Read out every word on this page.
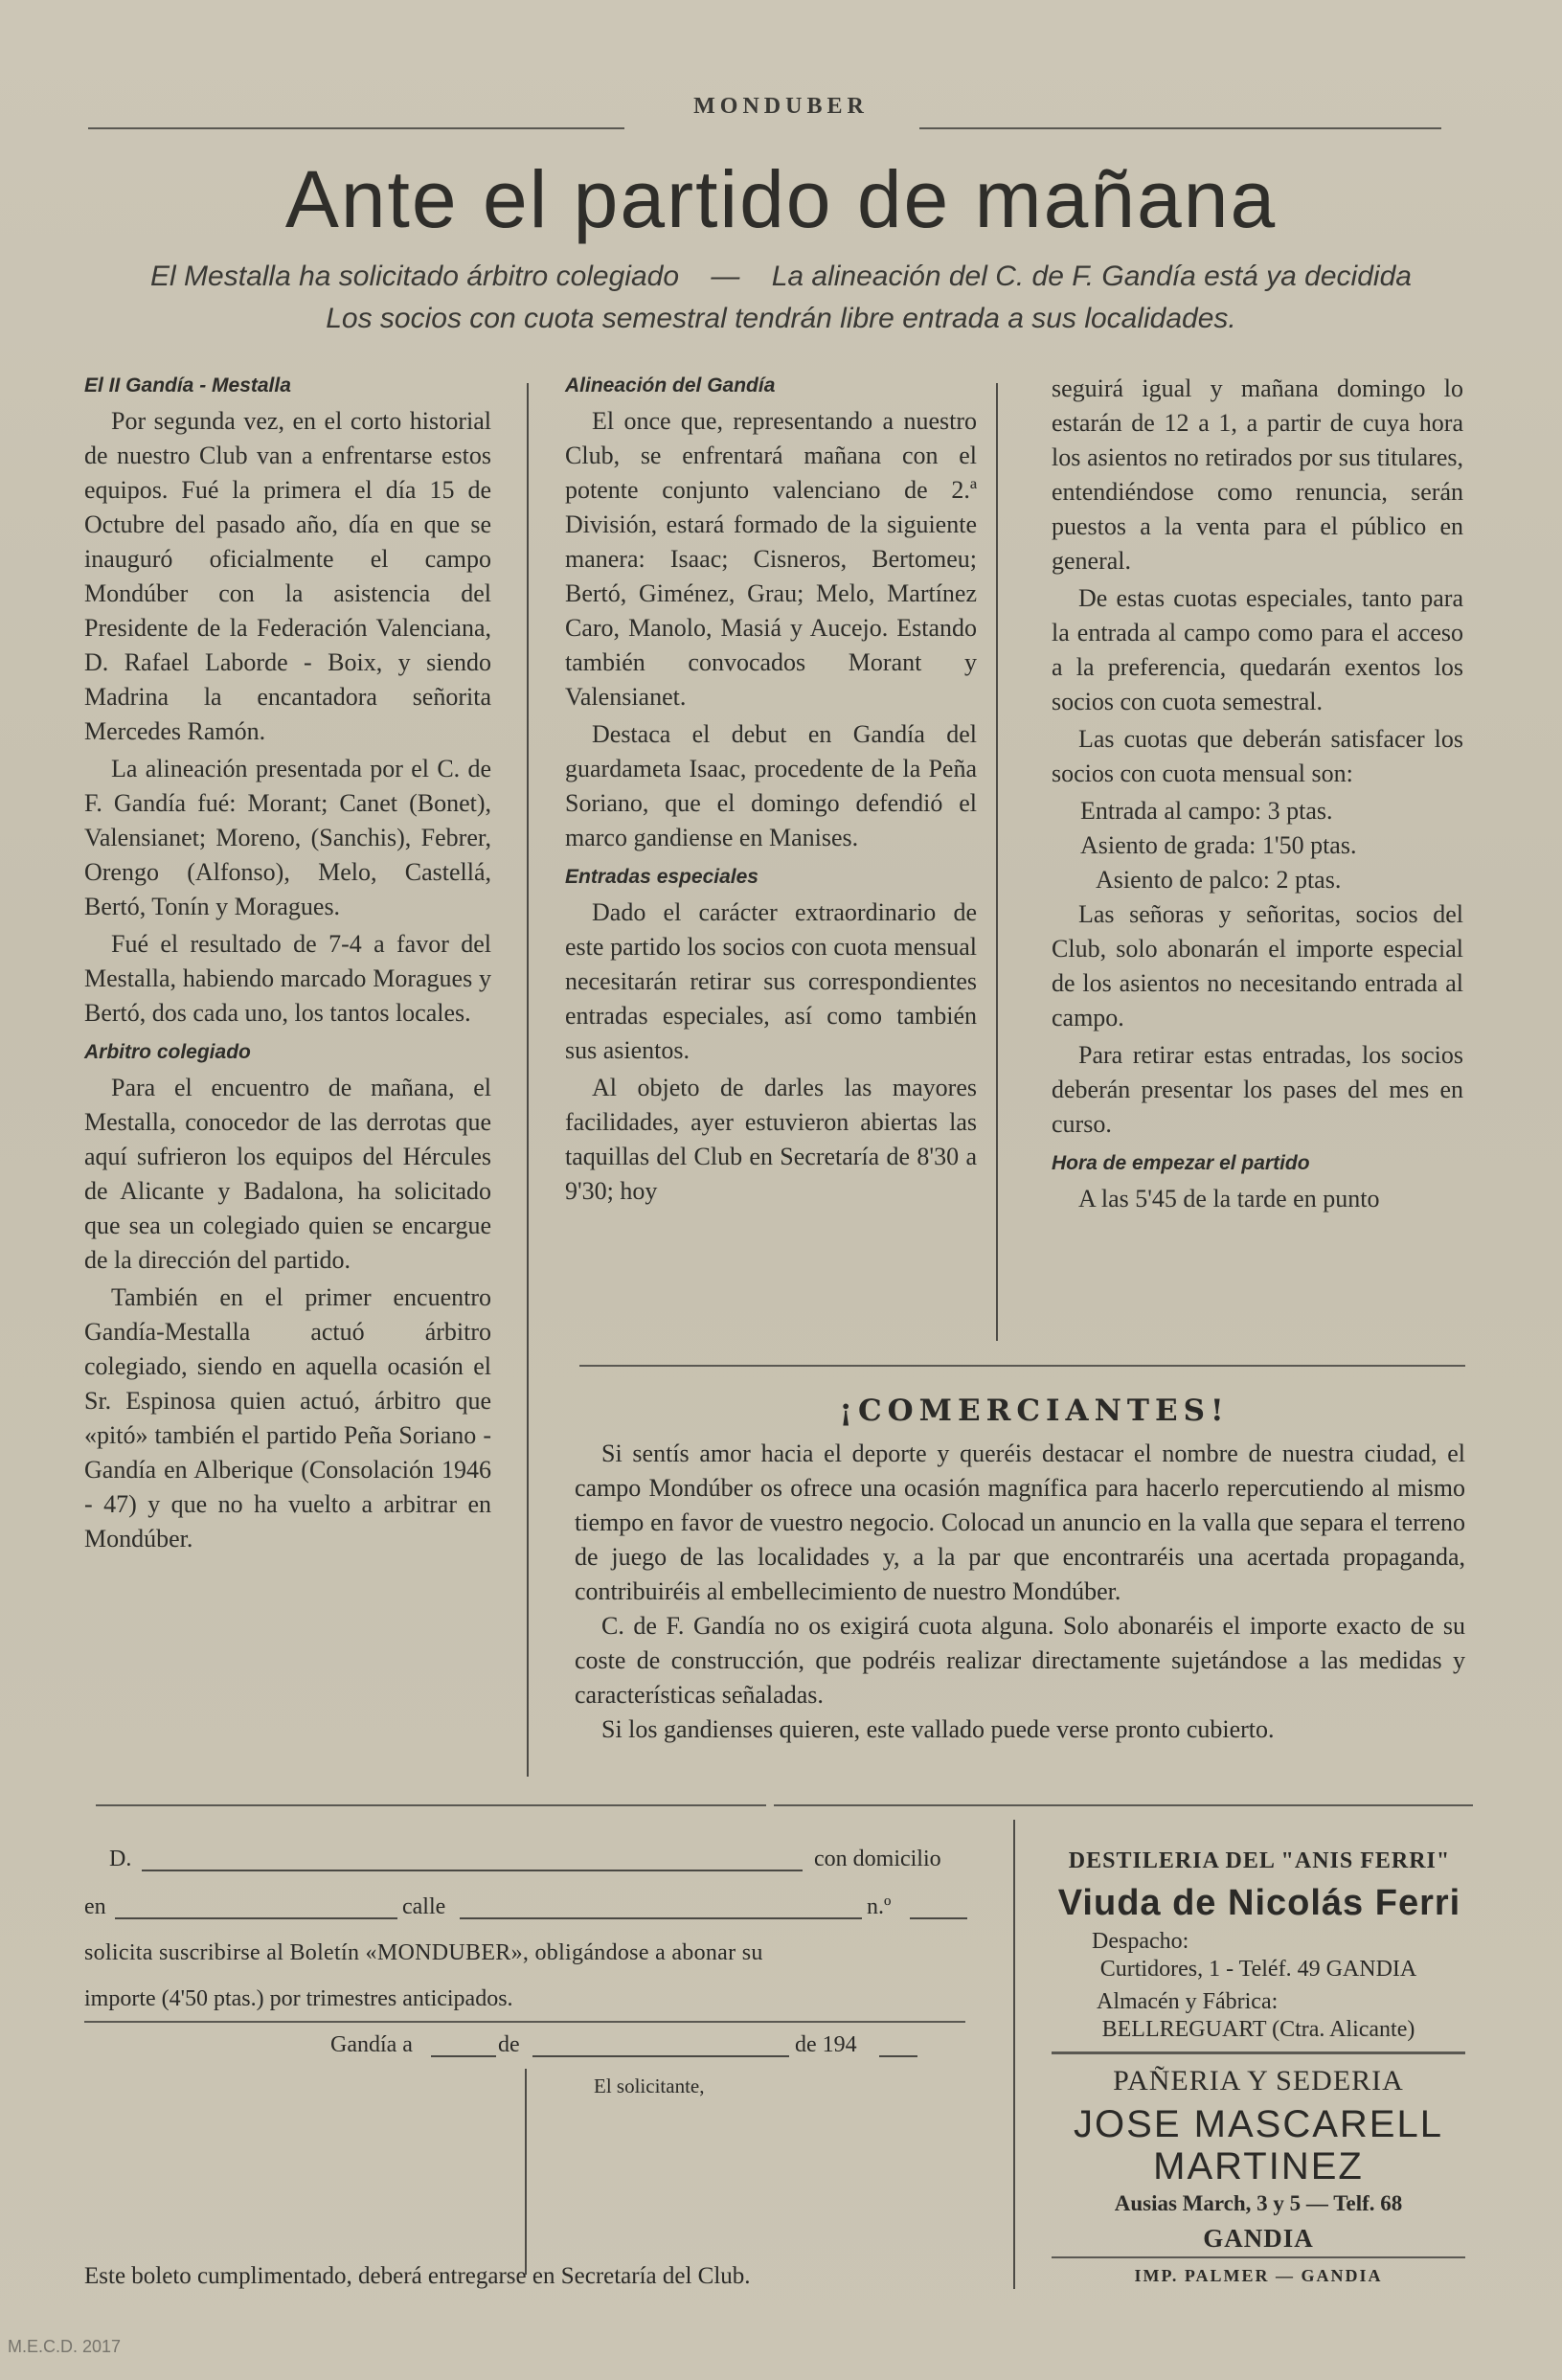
MONDUBER
Ante el partido de mañana
El Mestalla ha solicitado árbitro colegiado — La alineación del C. de F. Gandía está ya decidida
Los socios con cuota semestral tendrán libre entrada a sus localidades.
El II Gandía - Mestalla

Por segunda vez, en el corto historial de nuestro Club van a enfrentarse estos equipos. Fué la primera el día 15 de Octubre del pasado año, día en que se inauguró oficialmente el campo Mondúber con la asistencia del Presidente de la Federación Valenciana, D. Rafael Laborde - Boix, y siendo Madrina la encantadora señorita Mercedes Ramón.

La alineación presentada por el C. de F. Gandía fué: Morant; Canet (Bonet), Valensianet; Moreno, (Sanchis), Febrer, Orengo (Alfonso), Melo, Castellá, Bertó, Tonín y Moragues.

Fué el resultado de 7-4 a favor del Mestalla, habiendo marcado Moragues y Bertó, dos cada uno, los tantos locales.

Arbitro colegiado

Para el encuentro de mañana, el Mestalla, conocedor de las derrotas que aquí sufrieron los equipos del Hércules de Alicante y Badalona, ha solicitado que sea un colegiado quien se encargue de la dirección del partido.

También en el primer encuentro Gandía-Mestalla actuó árbitro colegiado, siendo en aquella ocasión el Sr. Espinosa quien actuó, árbitro que «pitó» también el partido Peña Soriano - Gandía en Alberique (Consolación 1946 - 47) y que no ha vuelto a arbitrar en Mondúber.

Alineación del Gandía

El once que, representando a nuestro Club, se enfrentará mañana con el potente conjunto valenciano de 2.ª División, estará formado de la siguiente manera: Isaac; Cisneros, Bertomeu; Bertó, Giménez, Grau; Melo, Martínez Caro, Manolo, Masiá y Aucejo. Estando también convocados Morant y Valensianet.

Destaca el debut en Gandía del guardameta Isaac, procedente de la Peña Soriano, que el domingo defendió el marco gandiense en Manises.

Entradas especiales

Dado el carácter extraordinario de este partido los socios con cuota mensual necesitarán retirar sus correspondientes entradas especiales, así como también sus asientos.

Al objeto de darles las mayores facilidades, ayer estuvieron abiertas las taquillas del Club en Secretaría de 8'30 a 9'30; hoy

seguirá igual y mañana domingo lo estarán de 12 a 1, a partir de cuya hora los asientos no retirados por sus titulares, entendiéndose como renuncia, serán puestos a la venta para el público en general.

De estas cuotas especiales, tanto para la entrada al campo como para el acceso a la preferencia, quedarán exentos los socios con cuota semestral.

Las cuotas que deberán satisfacer los socios con cuota mensual son:

Entrada al campo: 3 ptas.

Asiento de grada: 1'50 ptas.

Asiento de palco: 2 ptas.

Las señoras y señoritas, socios del Club, solo abonarán el importe especial de los asientos no necesitando entrada al campo.

Para retirar estas entradas, los socios deberán presentar los pases del mes en curso.

Hora de empezar el partido

A las 5'45 de la tarde en punto

¡COMERCIANTES!

Si sentís amor hacia el deporte y queréis destacar el nombre de nuestra ciudad, el campo Mondúber os ofrece una ocasión magnífica para hacerlo repercutiendo al mismo tiempo en favor de vuestro negocio. Colocad un anuncio en la valla que separa el terreno de juego de las localidades y, a la par que encontraréis una acertada propaganda, contribuiréis al embellecimiento de nuestro Mondúber.

C. de F. Gandía no os exigirá cuota alguna. Solo abonaréis el importe exacto de su coste de construcción, que podréis realizar directamente sujetándose a las medidas y características señaladas.

Si los gandienses quieren, este vallado puede verse pronto cubierto.

D.	con domicilio
en	calle	n.º
solicita suscribirse al Boletín «MONDUBER», obligándose a abonar su
importe (4'50 ptas.) por trimestres anticipados.
Gandía a	de	de 194
El solicitante,
Este boleto cumplimentado, deberá entregarse en Secretaría del Club.
DESTILERIA DEL "ANIS FERRI"
Viuda de Nicolás Ferri
Despacho:
Curtidores, 1 - Teléf. 49 GANDIA
Almacén y Fábrica:
BELLREGUART (Ctra. Alicante)
PAÑERIA Y SEDERIA
JOSE MASCARELL
MARTINEZ
Ausias March, 3 y 5 — Telf. 68
GANDIA
IMP. PALMER — GANDIA
M.E.C.D. 2017
